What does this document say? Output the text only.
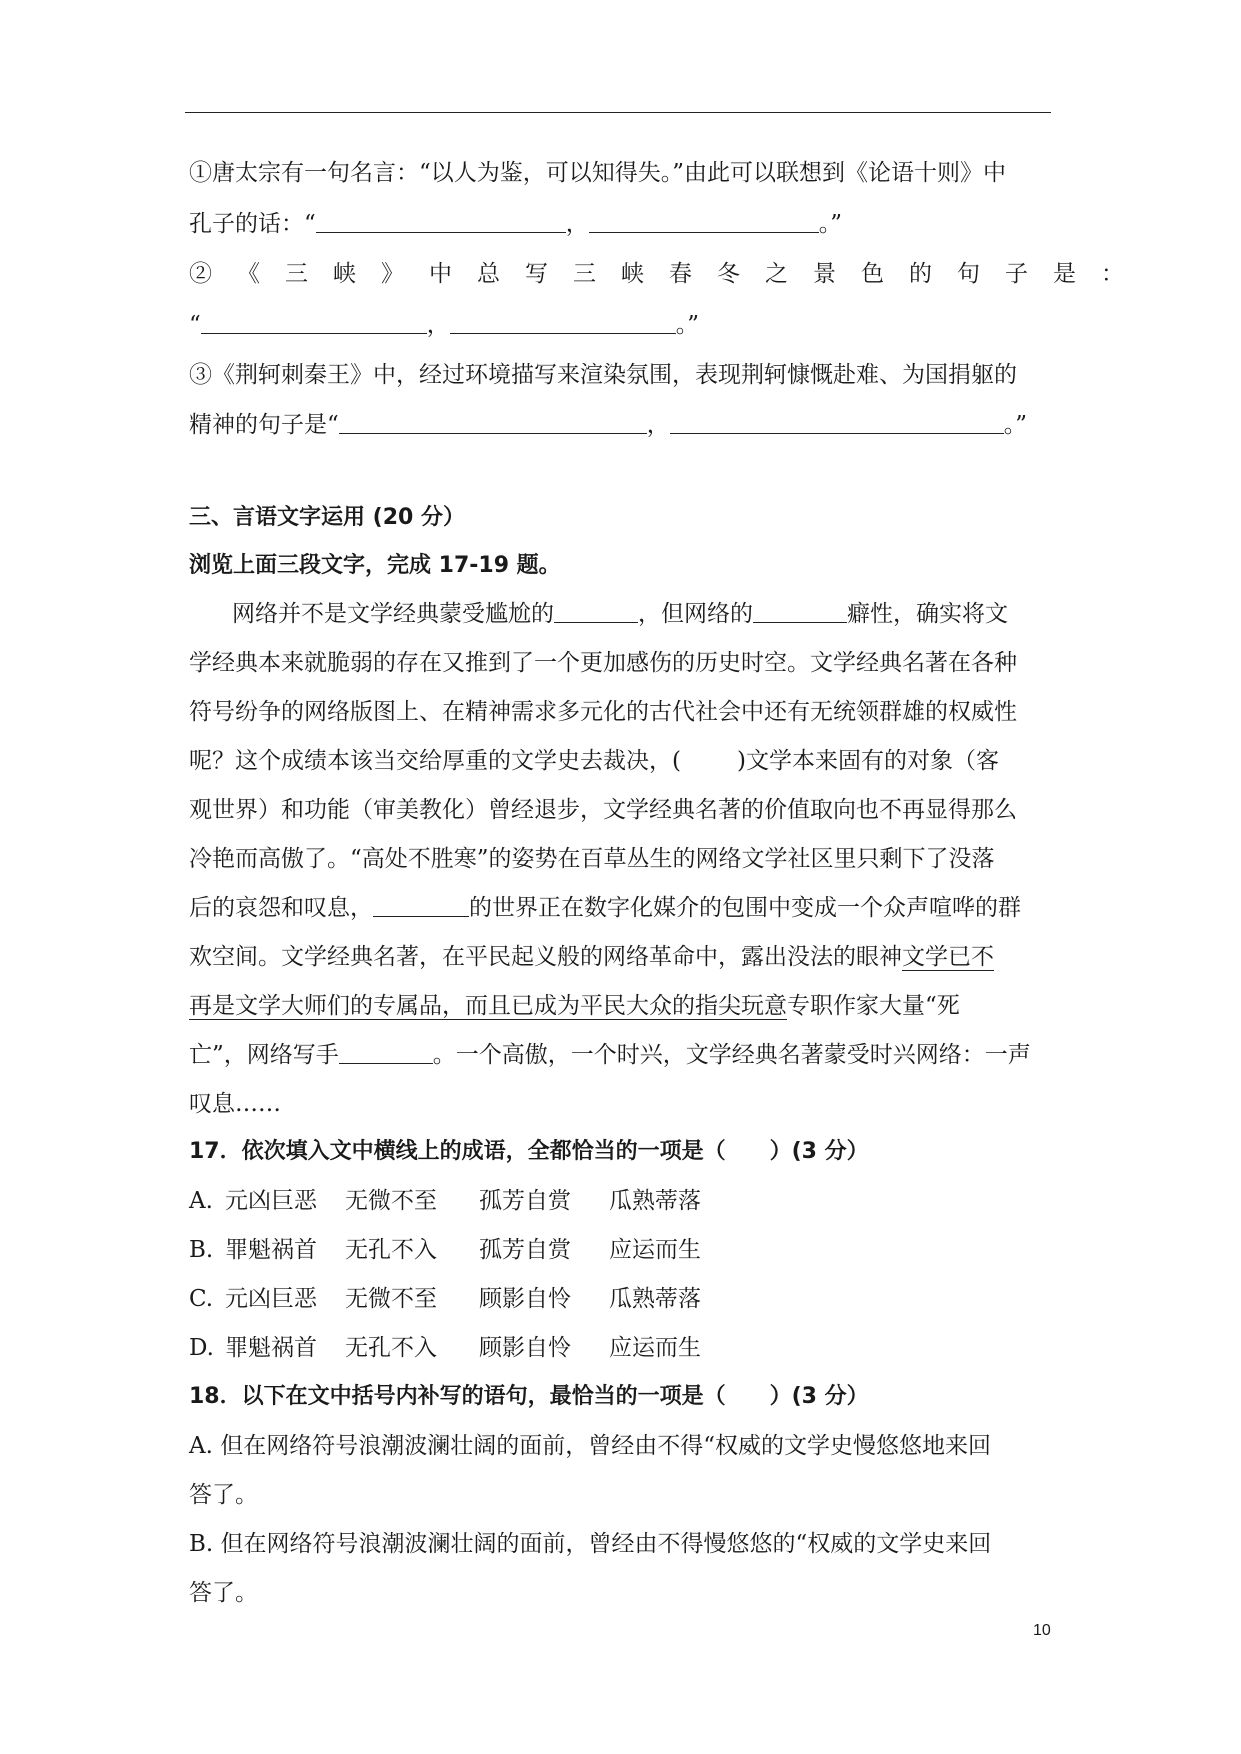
①唐太宗有一句名言：“以人为鉴，可以知得失。”由此可以联想到《论语十则》中
孔子的话：“	，	。”
②《三峡》中总写三峡春冬之景色的句子是：
“	，	。”
③《荆轲刺秦王》中，经过环境描写来渲染氛围，表现荆轲慷慨赴难、为国捐躯的
精神的句子是“	，	。”
三、言语文字运用 (20 分）
浏览上面三段文字，完成 17-19 题。
网络并不是文学经典蒙受尴尬的	，但网络的	癖性，确实将文
学经典本来就脆弱的存在又推到了一个更加感伤的历史时空。文学经典名著在各种
符号纷争的网络版图上、在精神需求多元化的古代社会中还有无统领群雄的权威性
呢？这个成绩本该当交给厚重的文学史去裁决，( )文学本来固有的对象（客
观世界）和功能（审美教化）曾经退步，文学经典名著的价值取向也不再显得那么
冷艳而高傲了。“高处不胜寒”的姿势在百草丛生的网络文学社区里只剩下了没落
后的哀怨和叹息，	的世界正在数字化媒介的包围中变成一个众声喧哗的群
欢空间。文学经典名著，在平民起义般的网络革命中，露出没法的眼神文学已不
再是文学大师们的专属品，而且已成为平民大众的指尖玩意专职作家大量“死
亡”，网络写手	。一个高傲，一个时兴，文学经典名著蒙受时兴网络：一声
叹息……
17．依次填入文中横线上的成语，全都恰当的一项是（　　）(3 分）
A. 元凶巨恶 无微不至 孤芳自赏 瓜熟蒂落
B. 罪魁祸首 无孔不入 孤芳自赏 应运而生
C. 元凶巨恶 无微不至 顾影自怜 瓜熟蒂落
D. 罪魁祸首 无孔不入 顾影自怜 应运而生
18．以下在文中括号内补写的语句，最恰当的一项是（　　）(3 分）
A. 但在网络符号浪潮波澜壮阔的面前，曾经由不得“权威的文学史慢悠悠地来回
答了。
B. 但在网络符号浪潮波澜壮阔的面前，曾经由不得慢悠悠的“权威的文学史来回
答了。
10
